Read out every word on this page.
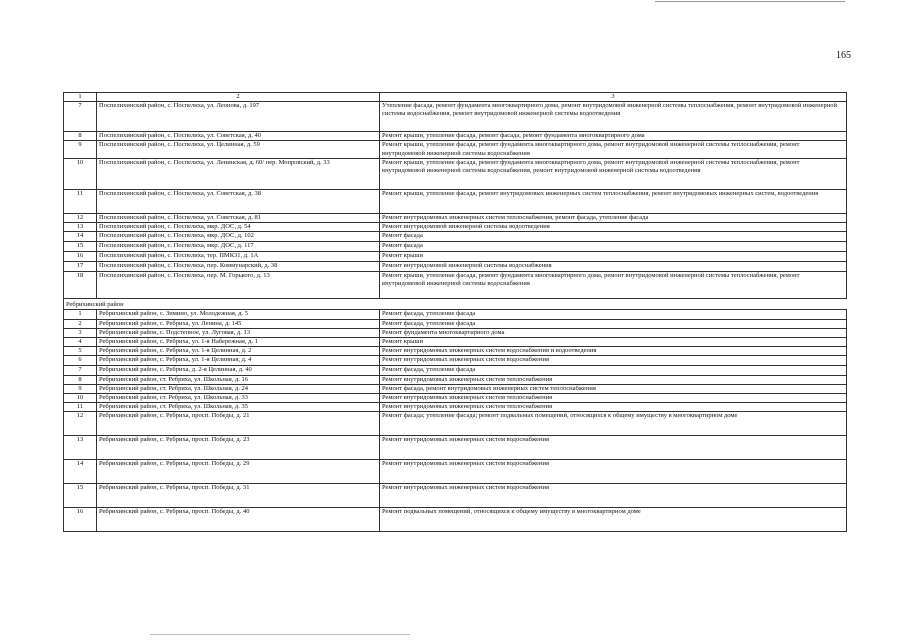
165
1	2	3
7	Поспелихинский район, с. Поспелиха, ул. Леонова, д. 197	Утепление фасада, ремонт фундамента многоквартирного дома, ремонт внутридомовой инженерной системы теплоснабжения, ремонт внутридомовой инженерной системы водоснабжения, ремонт внутридомовой инженерной системы водоотведения
8	Поспелихинский район, с. Поспелиха, ул. Советская, д. 40	Ремонт крыши, утепление фасада, ремонт фасада, ремонт фундамента многоквартирного дома
9	Поспелихинский район, с. Поспелиха, ул. Целинная, д. 59	Ремонт крыши, утепление фасада, ремонт фундамента многоквартирного дома, ремонт внутридомовой инженерной системы теплоснабжения, ремонт внутридомовой инженерной системы водоснабжения
10	Поспелихинский район, с. Поспелиха, ул. Ленинская, д. 60/ пер. Мопровский, д. 33	Ремонт крыши, утепление фасада, ремонт фундамента многоквартирного дома, ремонт внутридомовой инженерной системы теплоснабжения, ремонт внутридомовой инженерной системы водоснабжения, ремонт внутридомовой инженерной системы водоотведения
11	Поспелихинский район, с. Поспелиха, ул. Советская, д. 38	Ремонт крыши, утепление фасада, ремонт внутридомовых инженерных систем теплоснабжения, ремонт внутридомовых инженерных систем, водоотведения
12	Поспелихинский район, с. Поспелиха, ул. Советская, д. 81	Ремонт внутридомовых инженерных систем теплоснабжения, ремонт фасада, утепление фасада
13	Поспелихинский район, с. Поспелиха, мкр. ДОС, д. 54	Ремонт внутридомовой инженерной системы водоотведения
14	Поспелихинский район, с. Поспелиха, мкр. ДОС, д. 102	Ремонт фасада
15	Поспелихинский район, с. Поспелиха, мкр. ДОС, д. 117	Ремонт фасада
16	Поспелихинский район, с. Поспелиха, тер. ПМК31, д. 1А	Ремонт крыши
17	Поспелихинский район, с. Поспелиха, пер. Коммунарский, д. 38	Ремонт внутридомовой инженерной системы водоснабжения
18	Поспелихинский район, с. Поспелиха, пер. М. Горького, д. 13	Ремонт крыши, утепление фасада, ремонт фундамента многоквартирного дома, ремонт внутридомовой инженерной системы теплоснабжения, ремонт внутридомовой инженерной системы водоснабжения
Ребрихинский район		
1	Ребрихинский район, с. Зимино, ул. Молодежная, д. 5	Ремонт фасада, утепление фасада
2	Ребрихинский район, с. Ребриха, ул. Ленина, д. 145	Ремонт фасада, утепление фасада
3	Ребрихинский район, с. Подстепное, ул. Луговая, д. 13	Ремонт фундамента многоквартирного дома
4	Ребрихинский район, с. Ребриха, ул. 1-я Набережная, д. 1	Ремонт крыши
5	Ребрихинский район, с. Ребриха, ул. 1-я Целинная, д. 2	Ремонт внутридомовых инженерных систем водоснабжения и водоотведения
6	Ребрихинский район, с. Ребриха, ул. 1-я Целинная, д. 4	Ремонт внутридомовых инженерных систем водоснабжения
7	Ребрихинский район, с. Ребриха, д. 2-я Целинная, д. 40	Ремонт фасада, утепление фасада
8	Ребрихинский район, ст. Ребриха, ул. Школьная, д. 16	Ремонт внутридомовых инженерных систем теплоснабжения
9	Ребрихинский район, ст. Ребриха, ул. Школьная, д. 24	Ремонт фасада, ремонт внутридомовых инженерных систем теплоснабжения
10	Ребрихинский район, ст. Ребриха, ул. Школьная, д. 33	Ремонт внутридомовых инженерных систем теплоснабжения
11	Ребрихинский район, ст. Ребриха, ул. Школьная, д. 35	Ремонт внутридомовых инженерных систем теплоснабжения
12	Ребрихинский район, с. Ребриха, просп. Победы, д. 21	Ремонт фасада; утепление фасада; ремонт подвальных помещений, относящихся к общему имуществу в многоквартирном доме
13	Ребрихинский район, с. Ребриха, просп. Победы, д. 23	Ремонт внутридомовых инженерных систем водоснабжения
14	Ребрихинский район, с. Ребриха, просп. Победы, д. 29	Ремонт внутридомовых инженерных систем водоснабжения
15	Ребрихинский район, с. Ребриха, просп. Победы, д. 31	Ремонт внутридомовых инженерных систем водоснабжения
16	Ребрихинский район, с. Ребриха, просп. Победы, д. 40	Ремонт подвальных помещений, относящихся к общему имуществу в многоквартирном доме
